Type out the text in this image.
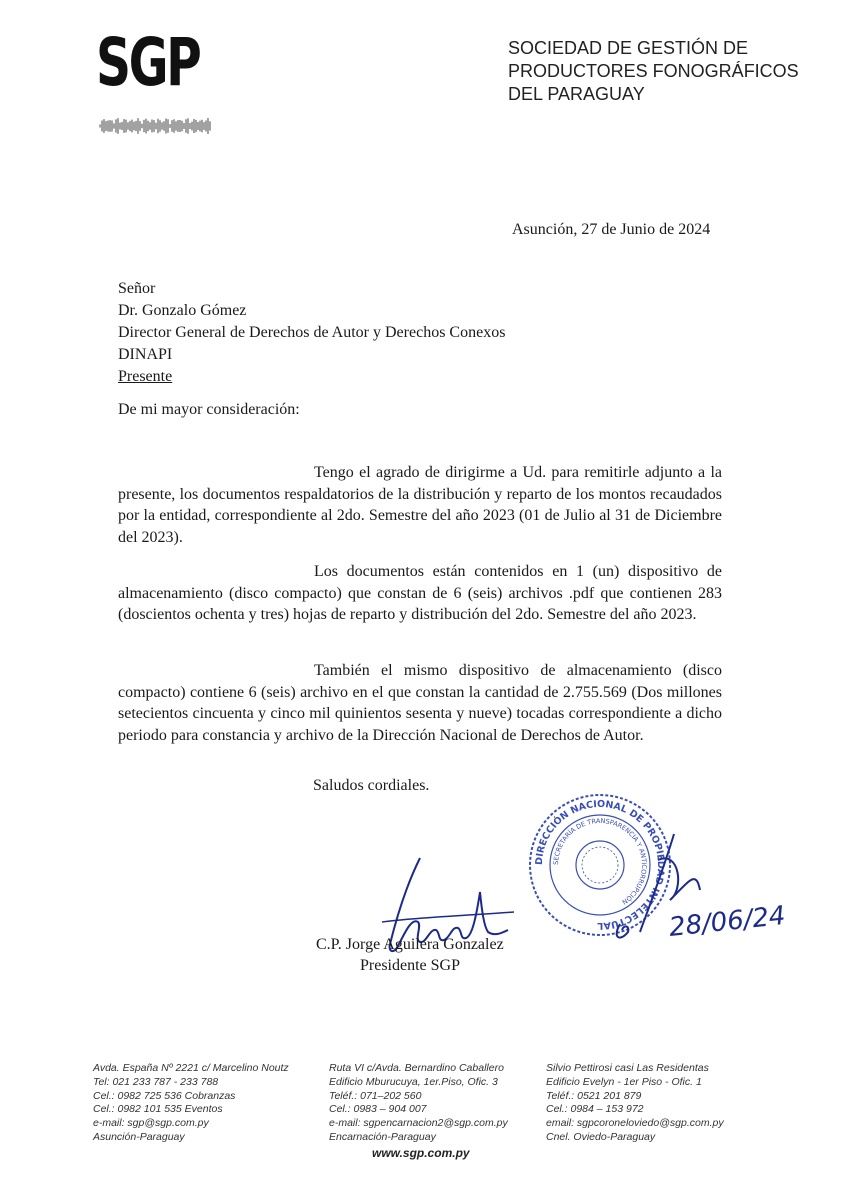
SGP	SOCIEDAD DE GESTIÓN DE
PRODUCTORES FONOGRÁFICOS
DEL PARAGUAY
Asunción, 27 de Junio de 2024
Señor
Dr. Gonzalo Gómez
Director General de Derechos de Autor y Derechos Conexos
DINAPI
Presente
De mi mayor consideración:

Tengo el agrado de dirigirme a Ud. para remitirle adjunto a la presente, los documentos respaldatorios de la distribución y reparto de los montos recaudados por la entidad, correspondiente al 2do. Semestre del año 2023 (01 de Julio al 31 de Diciembre del 2023).

Los documentos están contenidos en 1 (un) dispositivo de almacenamiento (disco compacto) que constan de 6 (seis) archivos .pdf que contienen 283 (doscientos ochenta y tres) hojas de reparto y distribución del 2do. Semestre del año 2023.

También el mismo dispositivo de almacenamiento (disco compacto) contiene 6 (seis) archivo en el que constan la cantidad de 2.755.569 (Dos millones setecientos cincuenta y cinco mil quinientos sesenta y nueve) tocadas correspondiente a dicho periodo para constancia y archivo de la Dirección Nacional de Derechos de Autor.

Saludos cordiales.
C.P. Jorge Aguilera Gonzalez
Presidente SGP
DIRECCIÓN NACIONAL DE PROPIEDAD INTELECTUAL
SECRETARÍA DE TRANSPARENCIA Y ANTICORRUPCIÓN	28/06/24
Avda. España Nº 2221 c/ Marcelino Noutz
Tel: 021 233 787 - 233 788
Cel.: 0982 725 536 Cobranzas
Cel.: 0982 101 535 Eventos
e-mail: sgp@sgp.com.py
Asunción-Paraguay
Ruta VI c/Avda. Bernardino Caballero
Edificio Mburucuya, 1er.Piso, Ofic. 3
Teléf.: 071–202 560
Cel.: 0983 – 904 007
e-mail: sgpencarnacion2@sgp.com.py
Encarnación-Paraguay
Silvio Pettirosi casi Las Residentas
Edificio Evelyn - 1er Piso - Ofic. 1
Teléf.: 0521 201 879
Cel.: 0984 – 153 972
email: sgpcoroneloviedo@sgp.com.py
Cnel. Oviedo-Paraguay
www.sgp.com.py
